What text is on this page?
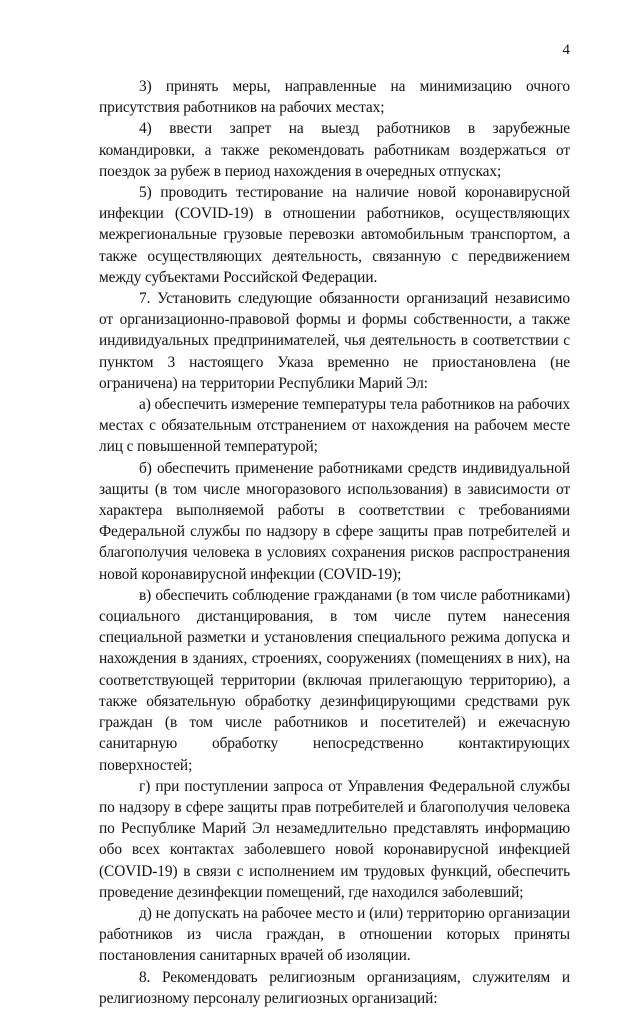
4

3) принять меры, направленные на минимизацию очного присутствия работников на рабочих местах;

4) ввести запрет на выезд работников в зарубежные командировки, а также рекомендовать работникам воздержаться от поездок за рубеж в период нахождения в очередных отпусках;

5) проводить тестирование на наличие новой коронавирусной инфекции (COVID-19) в отношении работников, осуществляющих межрегиональные грузовые перевозки автомобильным транспортом, а также осуществляющих деятельность, связанную с передвижением между субъектами Российской Федерации.

7. Установить следующие обязанности организаций независимо от организационно-правовой формы и формы собственности, а также индивидуальных предпринимателей, чья деятельность в соответствии с пунктом 3 настоящего Указа временно не приостановлена (не ограничена) на территории Республики Марий Эл:

а) обеспечить измерение температуры тела работников на рабочих местах с обязательным отстранением от нахождения на рабочем месте лиц с повышенной температурой;

б) обеспечить применение работниками средств индивидуальной защиты (в том числе многоразового использования) в зависимости от характера выполняемой работы в соответствии с требованиями Федеральной службы по надзору в сфере защиты прав потребителей и благополучия человека в условиях сохранения рисков распространения новой коронавирусной инфекции (COVID-19);

в) обеспечить соблюдение гражданами (в том числе работниками) социального дистанцирования, в том числе путем нанесения специальной разметки и установления специального режима допуска и нахождения в зданиях, строениях, сооружениях (помещениях в них), на соответствующей территории (включая прилегающую территорию), а также обязательную обработку дезинфицирующими средствами рук граждан (в том числе работников и посетителей) и ежечасную санитарную обработку непосредственно контактирующих поверхностей;

г) при поступлении запроса от Управления Федеральной службы по надзору в сфере защиты прав потребителей и благополучия человека по Республике Марий Эл незамедлительно представлять информацию обо всех контактах заболевшего новой коронавирусной инфекцией (COVID-19) в связи с исполнением им трудовых функций, обеспечить проведение дезинфекции помещений, где находился заболевший;

д) не допускать на рабочее место и (или) территорию организации работников из числа граждан, в отношении которых приняты постановления санитарных врачей об изоляции.

8. Рекомендовать религиозным организациям, служителям и религиозному персоналу религиозных организаций:
